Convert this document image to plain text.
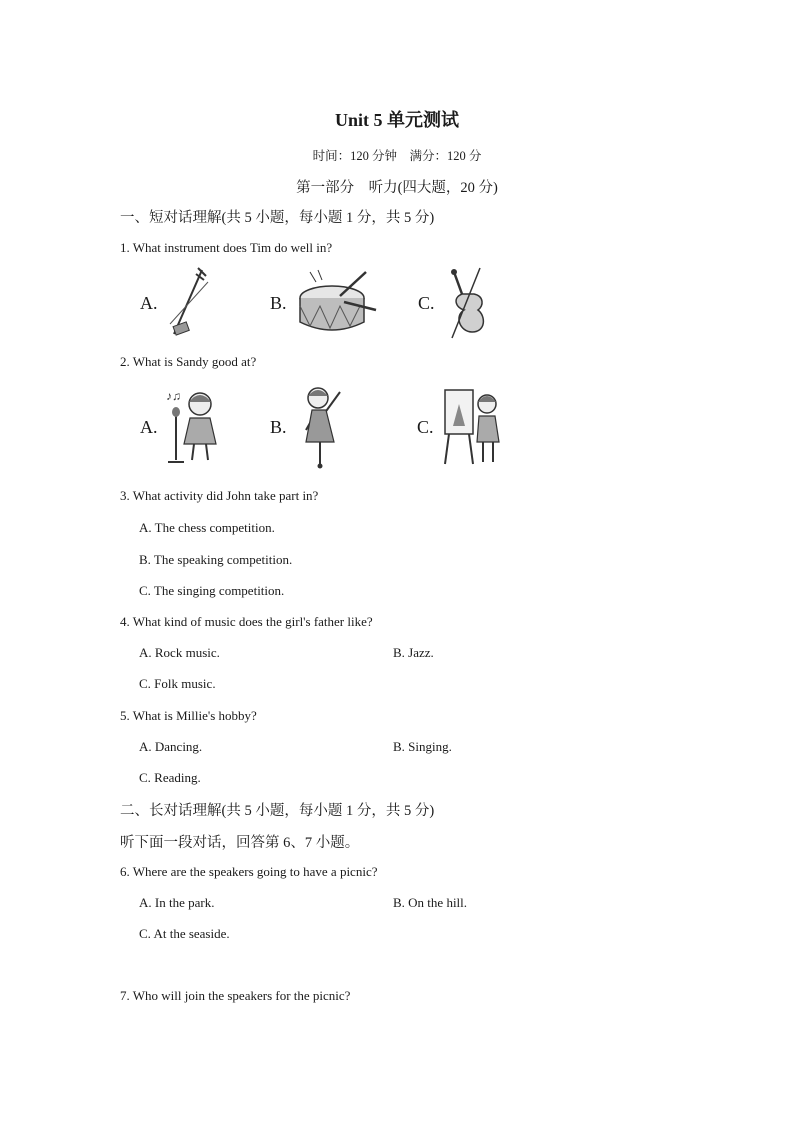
Unit 5 单元测试
时间：120 分钟　满分：120 分
第一部分　听力(四大题，20 分)
一、短对话理解(共 5 小题，每小题 1 分，共 5 分)
1. What instrument does Tim do well in?
A.	B.	C.
2. What is Sandy good at?
A.	B.	C.
♪♫
3. What activity did John take part in?
A. The chess competition.
B. The speaking competition.
C. The singing competition.
4. What kind of music does the girl's father like?
A. Rock music.	B. Jazz.
C. Folk music.
5. What is Millie's hobby?
A. Dancing.	B. Singing.
C. Reading.
二、长对话理解(共 5 小题，每小题 1 分，共 5 分)
听下面一段对话，回答第 6、7 小题。
6. Where are the speakers going to have a picnic?
A. In the park.	B. On the hill.
C. At the seaside.
7. Who will join the speakers for the picnic?
